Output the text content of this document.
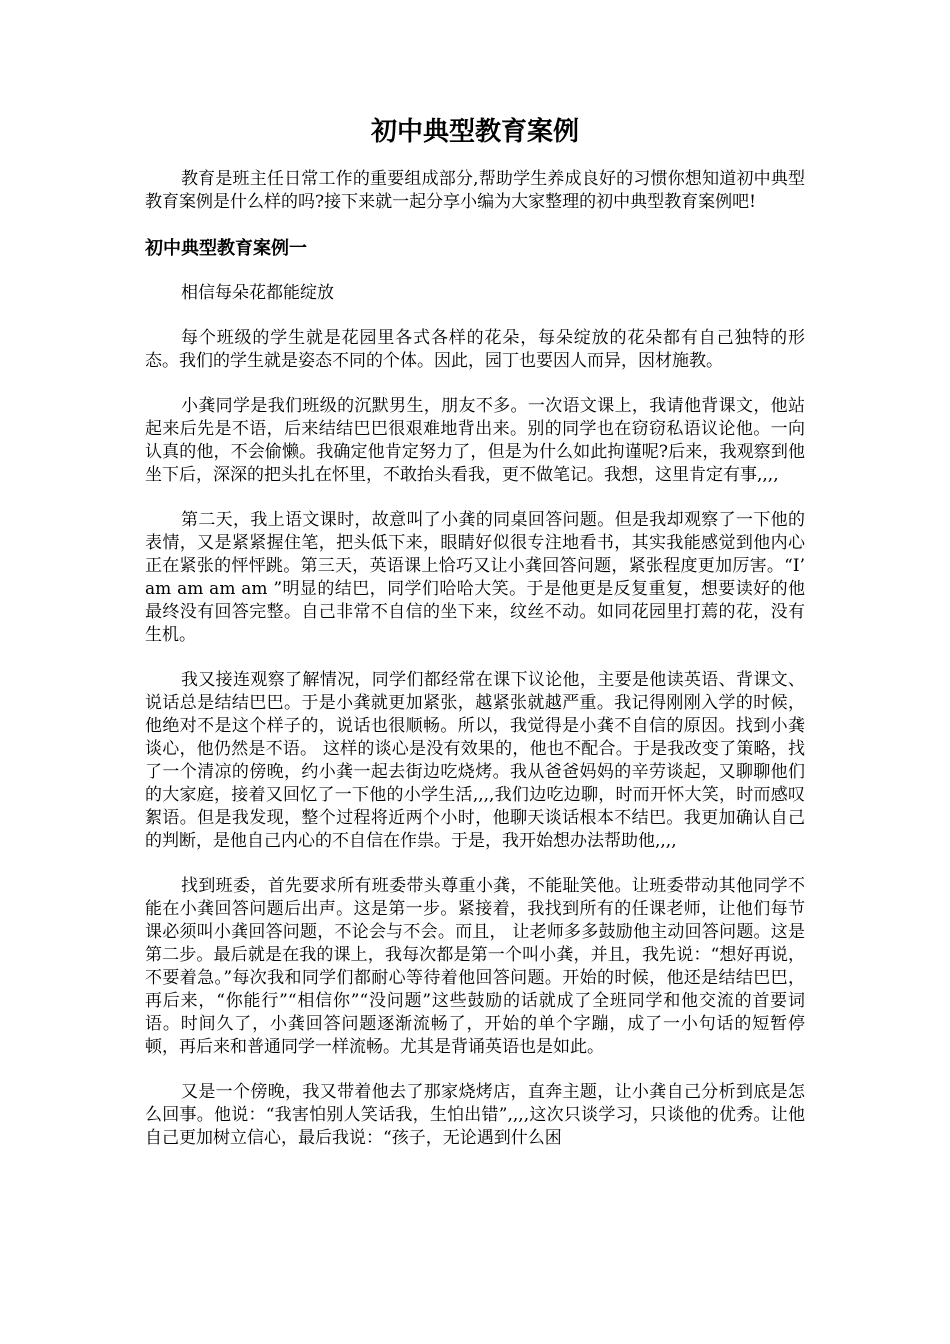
初中典型教育案例

教育是班主任日常工作的重要组成部分,帮助学生养成良好的习惯你想知道初中典型教育案例是什么样的吗?接下来就一起分享小编为大家整理的初中典型教育案例吧!

初中典型教育案例一

相信每朵花都能绽放

每个班级的学生就是花园里各式各样的花朵，每朵绽放的花朵都有自己独特的形态。我们的学生就是姿态不同的个体。因此，园丁也要因人而异，因材施教。

小龚同学是我们班级的沉默男生，朋友不多。一次语文课上，我请他背课文，他站起来后先是不语，后来结结巴巴很艰难地背出来。别的同学也在窃窃私语议论他。一向认真的他，不会偷懒。我确定他肯定努力了，但是为什么如此拘谨呢?后来，我观察到他坐下后，深深的把头扎在怀里，不敢抬头看我，更不做笔记。我想，这里肯定有事,,,,

第二天，我上语文课时，故意叫了小龚的同桌回答问题。但是我却观察了一下他的表情，又是紧紧握住笔，把头低下来，眼睛好似很专注地看书，其实我能感觉到他内心正在紧张的怦怦跳。第三天，英语课上恰巧又让小龚回答问题，紧张程度更加厉害。“I’ am am am am ”明显的结巴，同学们哈哈大笑。于是他更是反复重复，想要读好的他最终没有回答完整。自己非常不自信的坐下来，纹丝不动。如同花园里打蔫的花，没有生机。

我又接连观察了解情况，同学们都经常在课下议论他，主要是他读英语、背课文、说话总是结结巴巴。于是小龚就更加紧张，越紧张就越严重。我记得刚刚入学的时候，他绝对不是这个样子的，说话也很顺畅。所以，我觉得是小龚不自信的原因。找到小龚谈心，他仍然是不语。 这样的谈心是没有效果的，他也不配合。于是我改变了策略，找了一个清凉的傍晚，约小龚一起去街边吃烧烤。我从爸爸妈妈的辛劳谈起，又聊聊他们的大家庭，接着又回忆了一下他的小学生活,,,,我们边吃边聊，时而开怀大笑，时而感叹絮语。但是我发现，整个过程将近两个小时，他聊天谈话根本不结巴。我更加确认自己的判断，是他自己内心的不自信在作祟。于是，我开始想办法帮助他,,,,

找到班委，首先要求所有班委带头尊重小龚，不能耻笑他。让班委带动其他同学不能在小龚回答问题后出声。这是第一步。紧接着，我找到所有的任课老师，让他们每节课必须叫小龚回答问题，不论会与不会。而且， 让老师多多鼓励他主动回答问题。这是第二步。最后就是在我的课上，我每次都是第一个叫小龚，并且，我先说：“想好再说，不要着急。”每次我和同学们都耐心等待着他回答问题。开始的时候，他还是结结巴巴，再后来，“你能行”“相信你”“没问题”这些鼓励的话就成了全班同学和他交流的首要词语。时间久了，小龚回答问题逐渐流畅了，开始的单个字蹦，成了一小句话的短暂停顿，再后来和普通同学一样流畅。尤其是背诵英语也是如此。

又是一个傍晚，我又带着他去了那家烧烤店，直奔主题，让小龚自己分析到底是怎么回事。他说：“我害怕别人笑话我，生怕出错”,,,,这次只谈学习，只谈他的优秀。让他自己更加树立信心，最后我说：“孩子，无论遇到什么困
